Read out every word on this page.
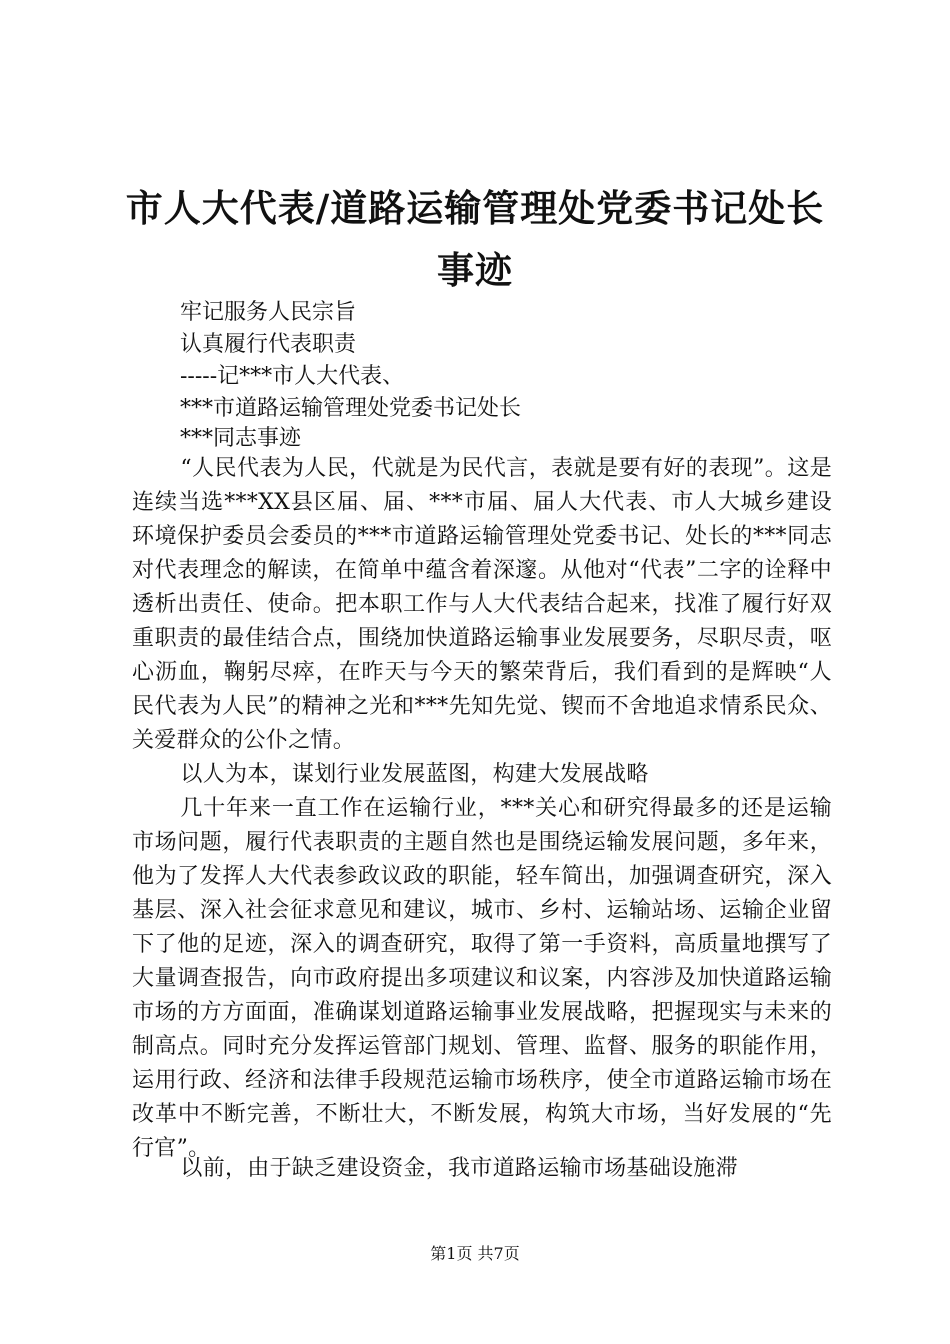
市人大代表/道路运输管理处党委书记处长事迹
牢记服务人民宗旨
认真履行代表职责
-----记***市人大代表、
***市道路运输管理处党委书记处长
***同志事迹

“人民代表为人民，代就是为民代言，表就是要有好的表现”。这是连续当选***XX县区届、届、***市届、届人大代表、市人大城乡建设环境保护委员会委员的***市道路运输管理处党委书记、处长的***同志对代表理念的解读，在简单中蕴含着深邃。从他对“代表”二字的诠释中透析出责任、使命。把本职工作与人大代表结合起来，找准了履行好双重职责的最佳结合点，围绕加快道路运输事业发展要务，尽职尽责，呕心沥血，鞠躬尽瘁，在昨天与今天的繁荣背后，我们看到的是辉映“人民代表为人民”的精神之光和***先知先觉、锲而不舍地追求情系民众、关爱群众的公仆之情。

以人为本，谋划行业发展蓝图，构建大发展战略

几十年来一直工作在运输行业，***关心和研究得最多的还是运输市场问题，履行代表职责的主题自然也是围绕运输发展问题，多年来，他为了发挥人大代表参政议政的职能，轻车简出，加强调查研究，深入基层、深入社会征求意见和建议，城市、乡村、运输站场、运输企业留下了他的足迹，深入的调查研究，取得了第一手资料，高质量地撰写了大量调查报告，向市政府提出多项建议和议案，内容涉及加快道路运输市场的方方面面，准确谋划道路运输事业发展战略，把握现实与未来的制高点。同时充分发挥运管部门规划、管理、监督、服务的职能作用，运用行政、经济和法律手段规范运输市场秩序，使全市道路运输市场在改革中不断完善，不断壮大，不断发展，构筑大市场，当好发展的“先行官”。

以前，由于缺乏建设资金，我市道路运输市场基础设施滞

第1页 共7页
